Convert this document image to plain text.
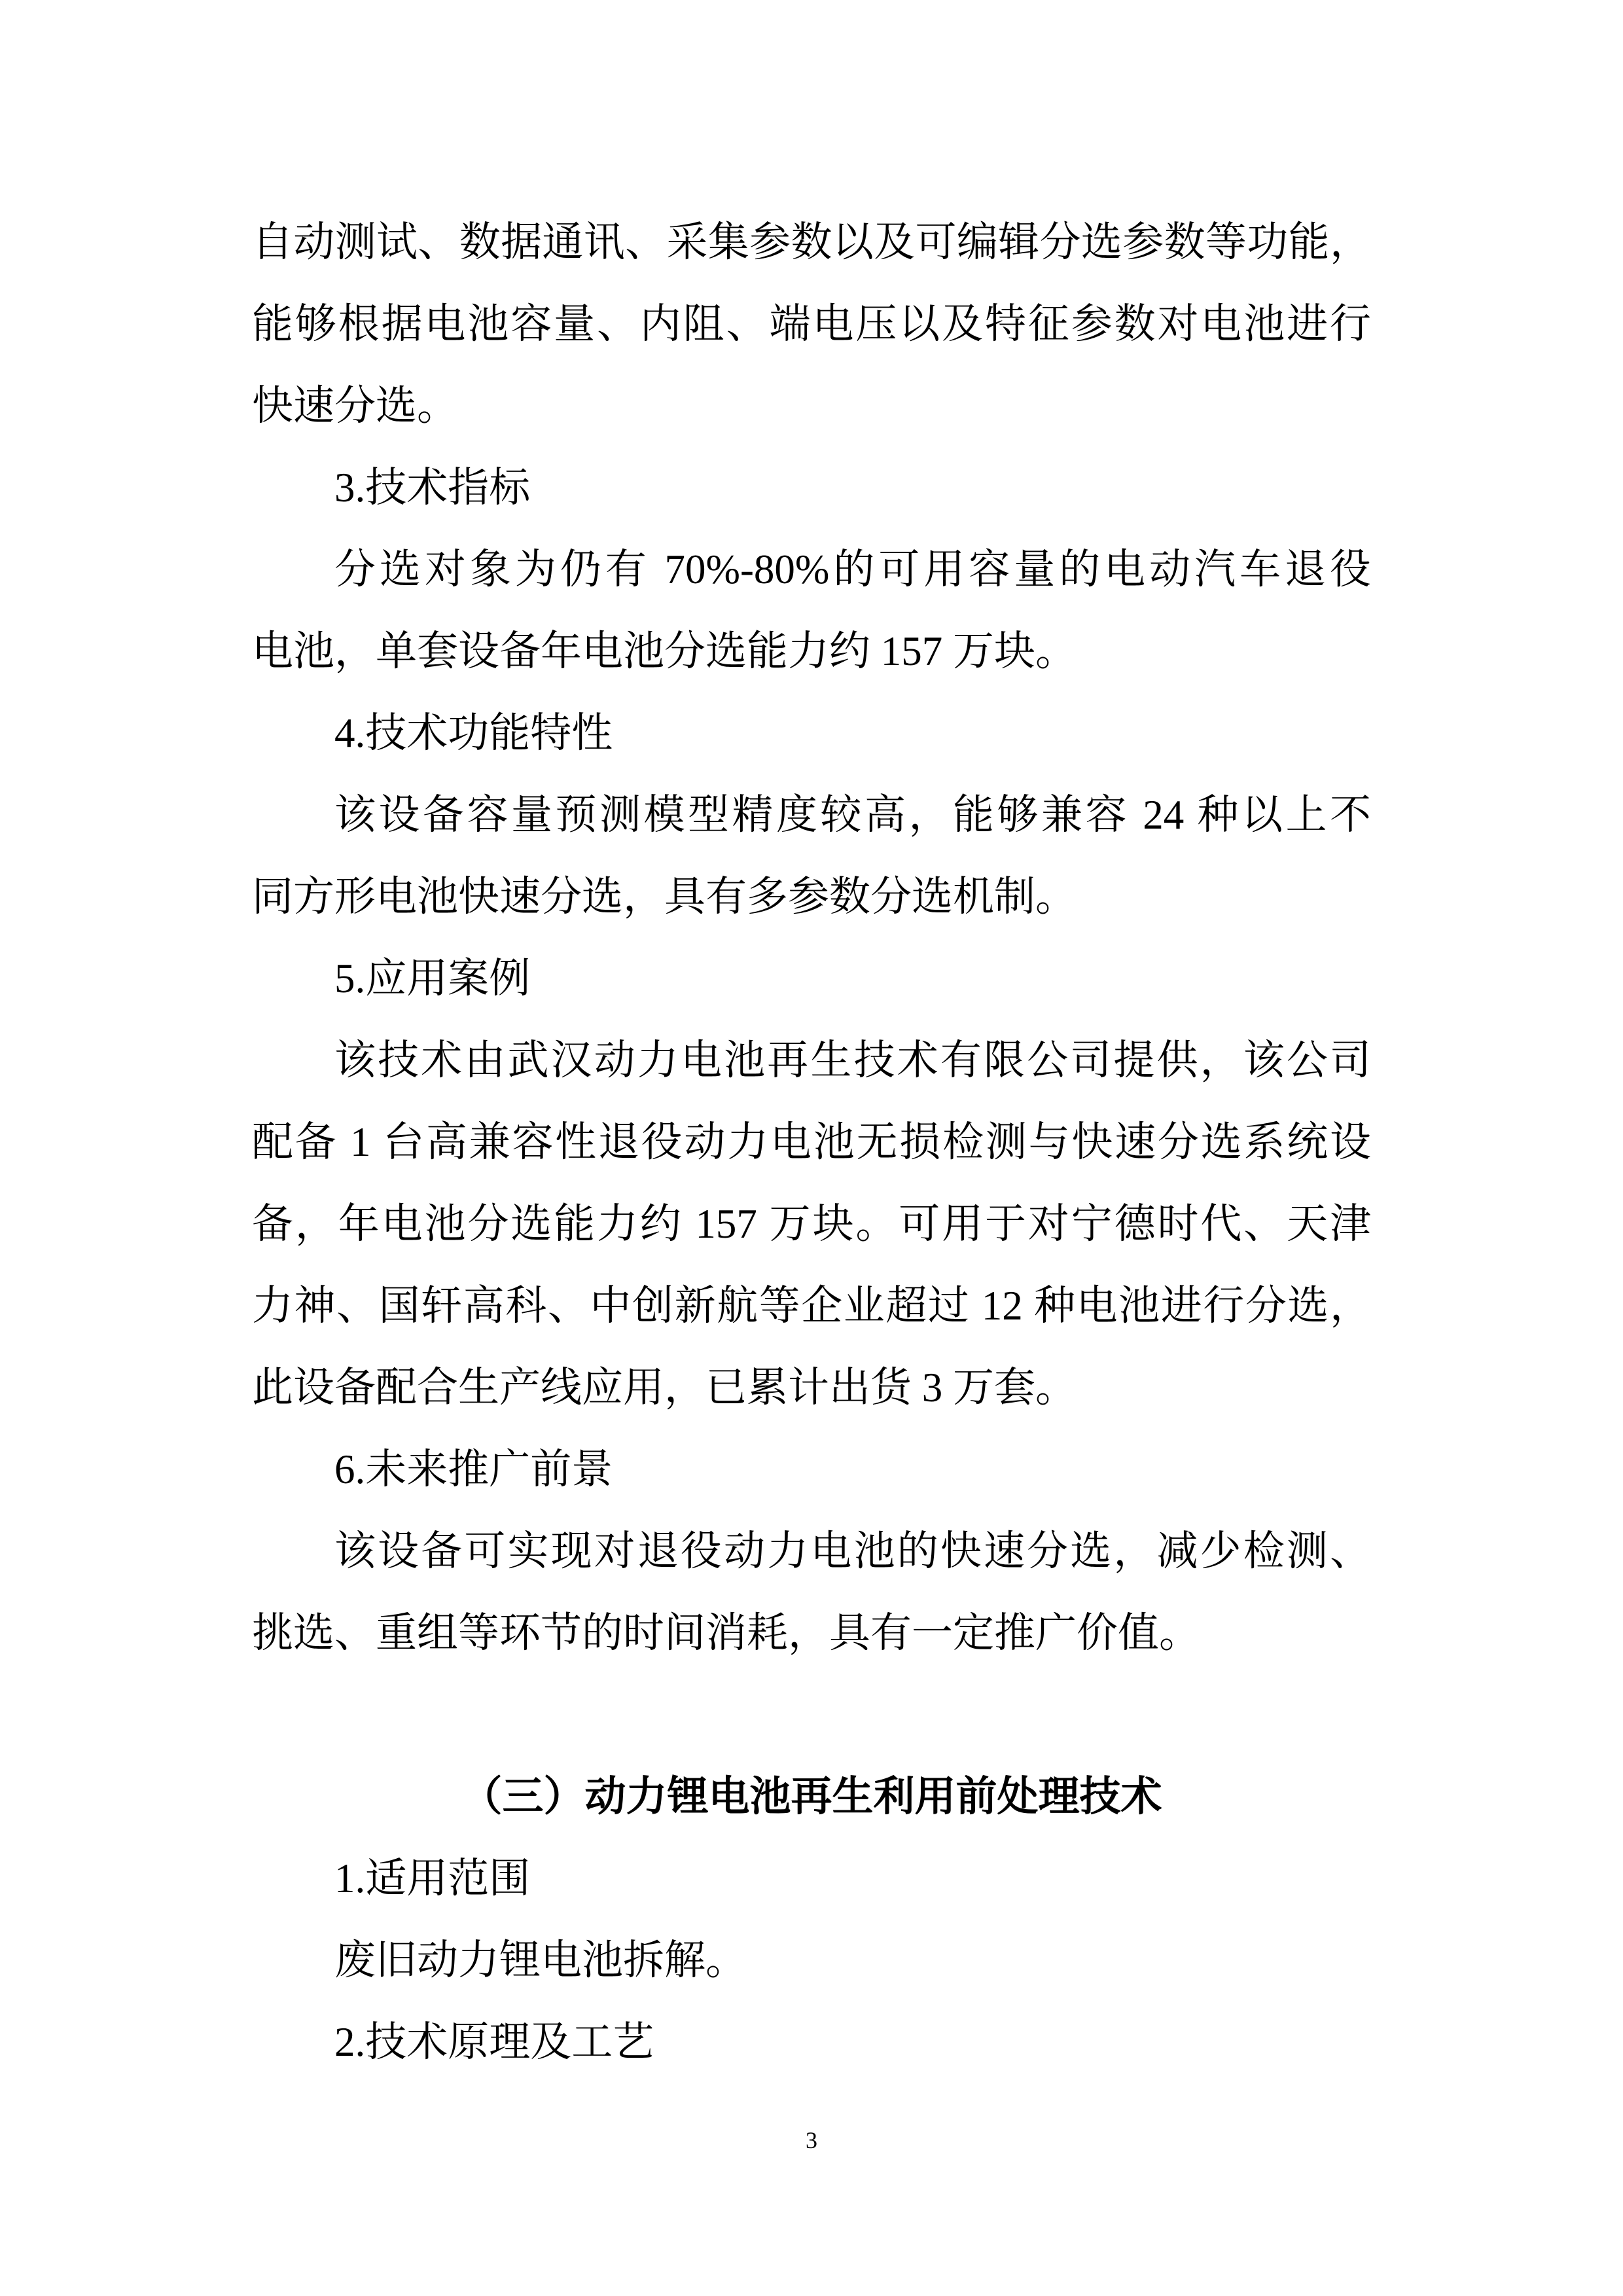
自动测试、数据通讯、采集参数以及可编辑分选参数等功能，
能够根据电池容量、内阻、端电压以及特征参数对电池进行
快速分选。
3.技术指标
分选对象为仍有 70%-80%的可用容量的电动汽车退役
电池，单套设备年电池分选能力约 157 万块。
4.技术功能特性
该设备容量预测模型精度较高，能够兼容 24 种以上不
同方形电池快速分选，具有多参数分选机制。
5.应用案例
该技术由武汉动力电池再生技术有限公司提供，该公司
配备 1 台高兼容性退役动力电池无损检测与快速分选系统设
备，年电池分选能力约 157 万块。可用于对宁德时代、天津
力神、国轩高科、中创新航等企业超过 12 种电池进行分选，
此设备配合生产线应用，已累计出货 3 万套。
6.未来推广前景
该设备可实现对退役动力电池的快速分选，减少检测、
挑选、重组等环节的时间消耗，具有一定推广价值。
（三）动力锂电池再生利用前处理技术
1.适用范围
废旧动力锂电池拆解。
2.技术原理及工艺
3
